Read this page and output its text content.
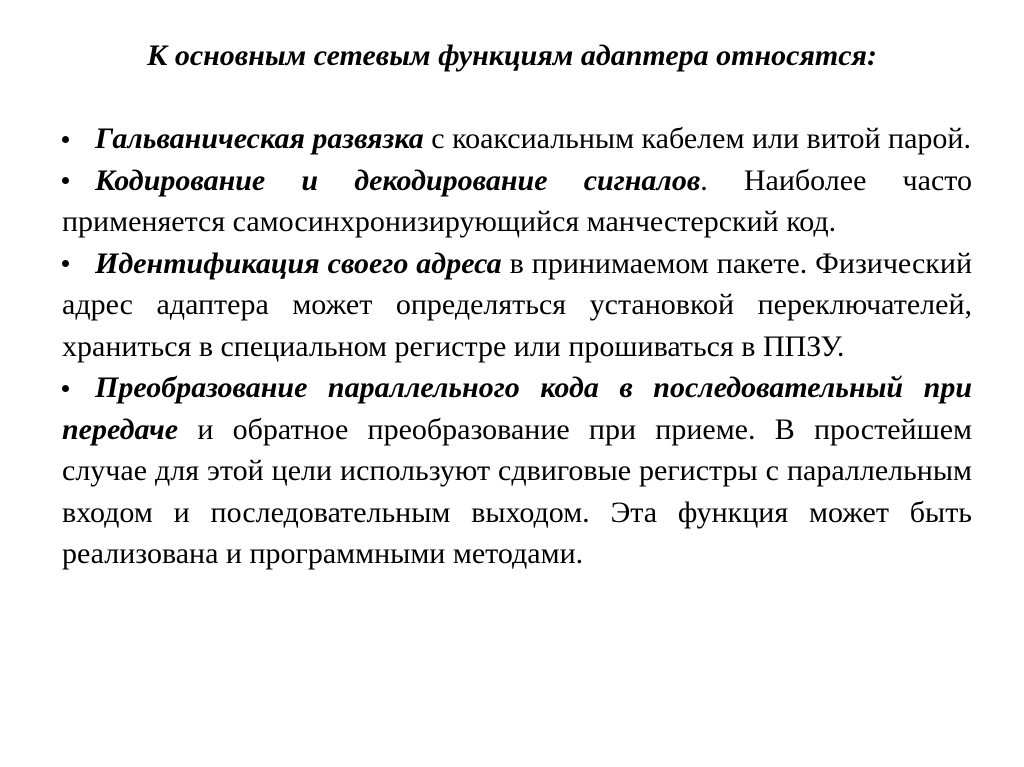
К основным сетевым функциям адаптера относятся:
Гальваническая развязка с коаксиальным кабелем или витой парой.
Кодирование и декодирование сигналов. Наиболее часто применяется самосинхронизирующийся манчестерский код.
Идентификация своего адреса в принимаемом пакете. Физический адрес адаптера может определяться установкой переключателей, храниться в специальном регистре или прошиваться в ППЗУ.
Преобразование параллельного кода в последовательный при передаче и обратное преобразование при приеме. В простейшем случае для этой цели используют сдвиговые регистры с параллельным входом и последовательным выходом. Эта функция может быть реализована и программными методами.
